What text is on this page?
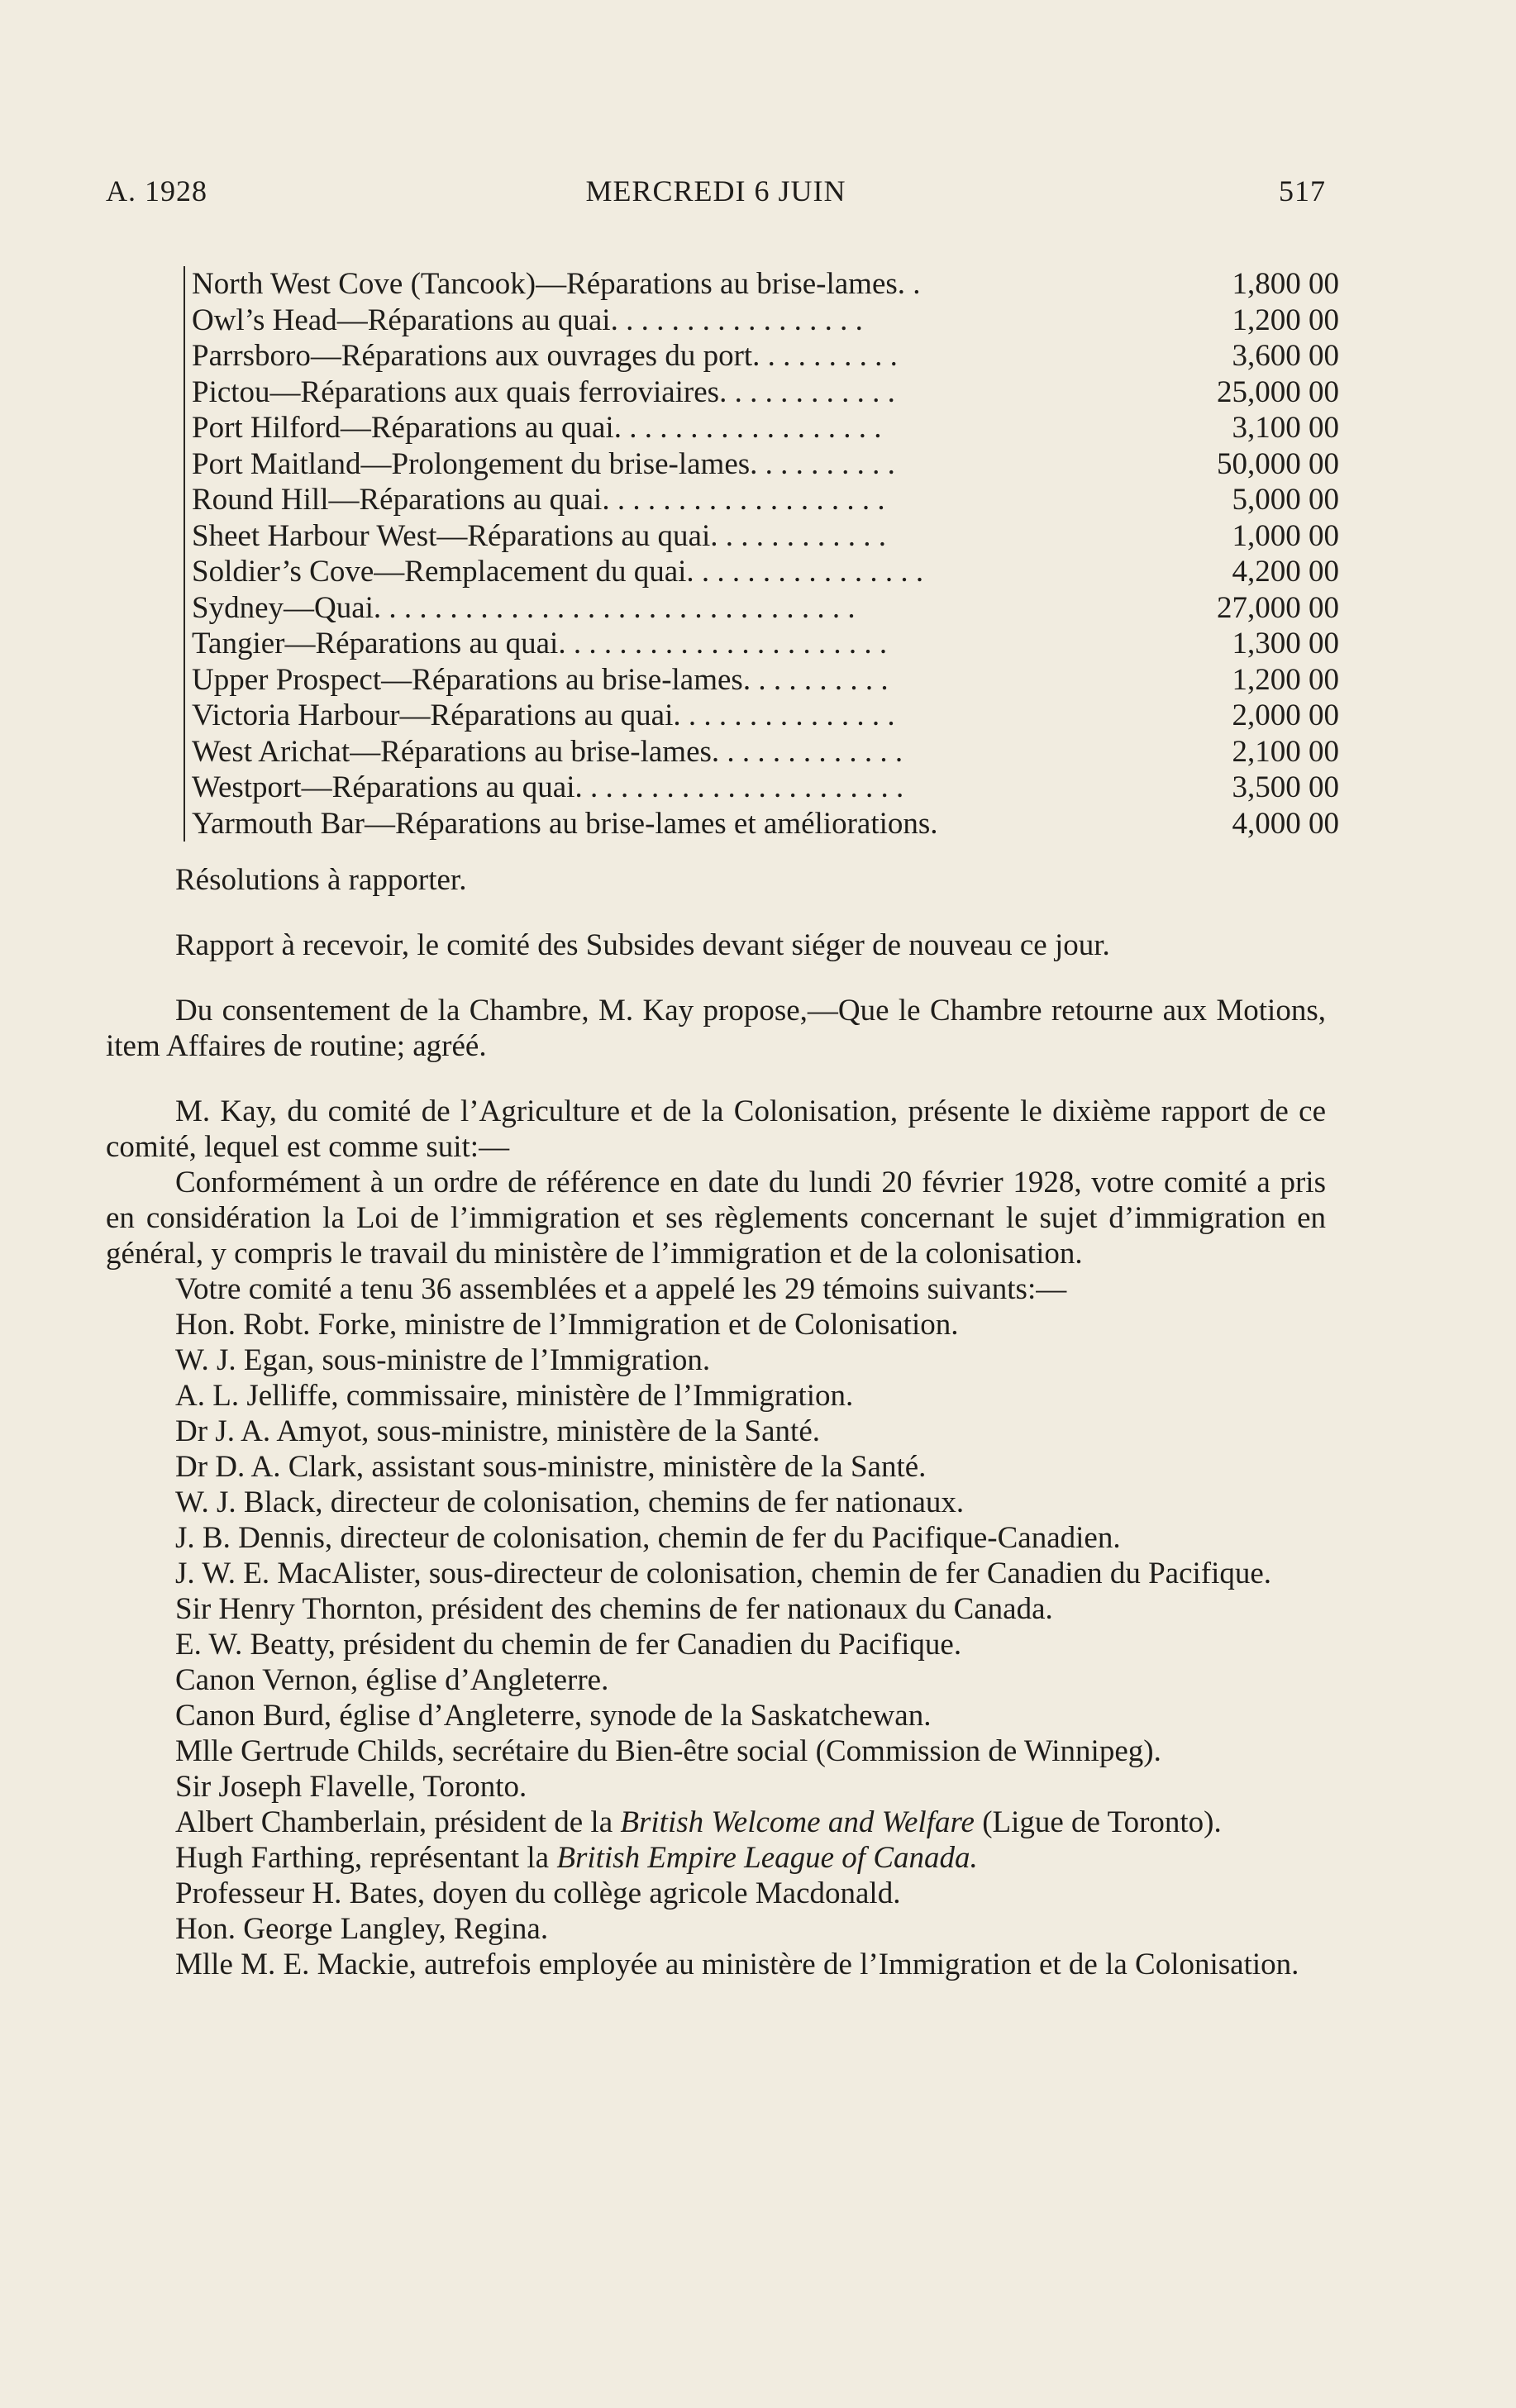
A. 1928	MERCREDI 6 JUIN	517
North West Cove (Tancook)—Réparations au brise-lames. .	1,800 00
Owl’s Head—Réparations au quai. . . . . . . . . . . . . . . . .	1,200 00
Parrsboro—Réparations aux ouvrages du port. . . . . . . . . .	3,600 00
Pictou—Réparations aux quais ferroviaires. . . . . . . . . . . .	25,000 00
Port Hilford—Réparations au quai. . . . . . . . . . . . . . . . . .	3,100 00
Port Maitland—Prolongement du brise-lames. . . . . . . . . .	50,000 00
Round Hill—Réparations au quai. . . . . . . . . . . . . . . . . . .	5,000 00
Sheet Harbour West—Réparations au quai. . . . . . . . . . . .	1,000 00
Soldier’s Cove—Remplacement du quai. . . . . . . . . . . . . . . .	4,200 00
Sydney—Quai. . . . . . . . . . . . . . . . . . . . . . . . . . . . . . . .	27,000 00
Tangier—Réparations au quai. . . . . . . . . . . . . . . . . . . . . .	1,300 00
Upper Prospect—Réparations au brise-lames. . . . . . . . . .	1,200 00
Victoria Harbour—Réparations au quai. . . . . . . . . . . . . . .	2,000 00
West Arichat—Réparations au brise-lames. . . . . . . . . . . . .	2,100 00
Westport—Réparations au quai. . . . . . . . . . . . . . . . . . . . . .	3,500 00
Yarmouth Bar—Réparations au brise-lames et améliorations.	4,000 00

Résolutions à rapporter.

Rapport à recevoir, le comité des Subsides devant siéger de nouveau ce jour.

Du consentement de la Chambre, M. Kay propose,—Que le Chambre retourne aux Motions, item Affaires de routine; agréé.

M. Kay, du comité de l’Agriculture et de la Colonisation, présente le dixième rapport de ce comité, lequel est comme suit:—

Conformément à un ordre de référence en date du lundi 20 février 1928, votre comité a pris en considération la Loi de l’immigration et ses règlements concernant le sujet d’immigration en général, y compris le travail du ministère de l’immigration et de la colonisation.

Votre comité a tenu 36 assemblées et a appelé les 29 témoins suivants:—

Hon. Robt. Forke, ministre de l’Immigration et de Colonisation.

W. J. Egan, sous-ministre de l’Immigration.

A. L. Jelliffe, commissaire, ministère de l’Immigration.

Dr J. A. Amyot, sous-ministre, ministère de la Santé.

Dr D. A. Clark, assistant sous-ministre, ministère de la Santé.

W. J. Black, directeur de colonisation, chemins de fer nationaux.

J. B. Dennis, directeur de colonisation, chemin de fer du Pacifique-Canadien.

J. W. E. MacAlister, sous-directeur de colonisation, chemin de fer Canadien du Pacifique.

Sir Henry Thornton, président des chemins de fer nationaux du Canada.

E. W. Beatty, président du chemin de fer Canadien du Pacifique.

Canon Vernon, église d’Angleterre.

Canon Burd, église d’Angleterre, synode de la Saskatchewan.

Mlle Gertrude Childs, secrétaire du Bien-être social (Commission de Winnipeg).

Sir Joseph Flavelle, Toronto.

Albert Chamberlain, président de la British Welcome and Welfare (Ligue de Toronto).

Hugh Farthing, représentant la British Empire League of Canada.

Professeur H. Bates, doyen du collège agricole Macdonald.

Hon. George Langley, Regina.

Mlle M. E. Mackie, autrefois employée au ministère de l’Immigration et de la Colonisation.
